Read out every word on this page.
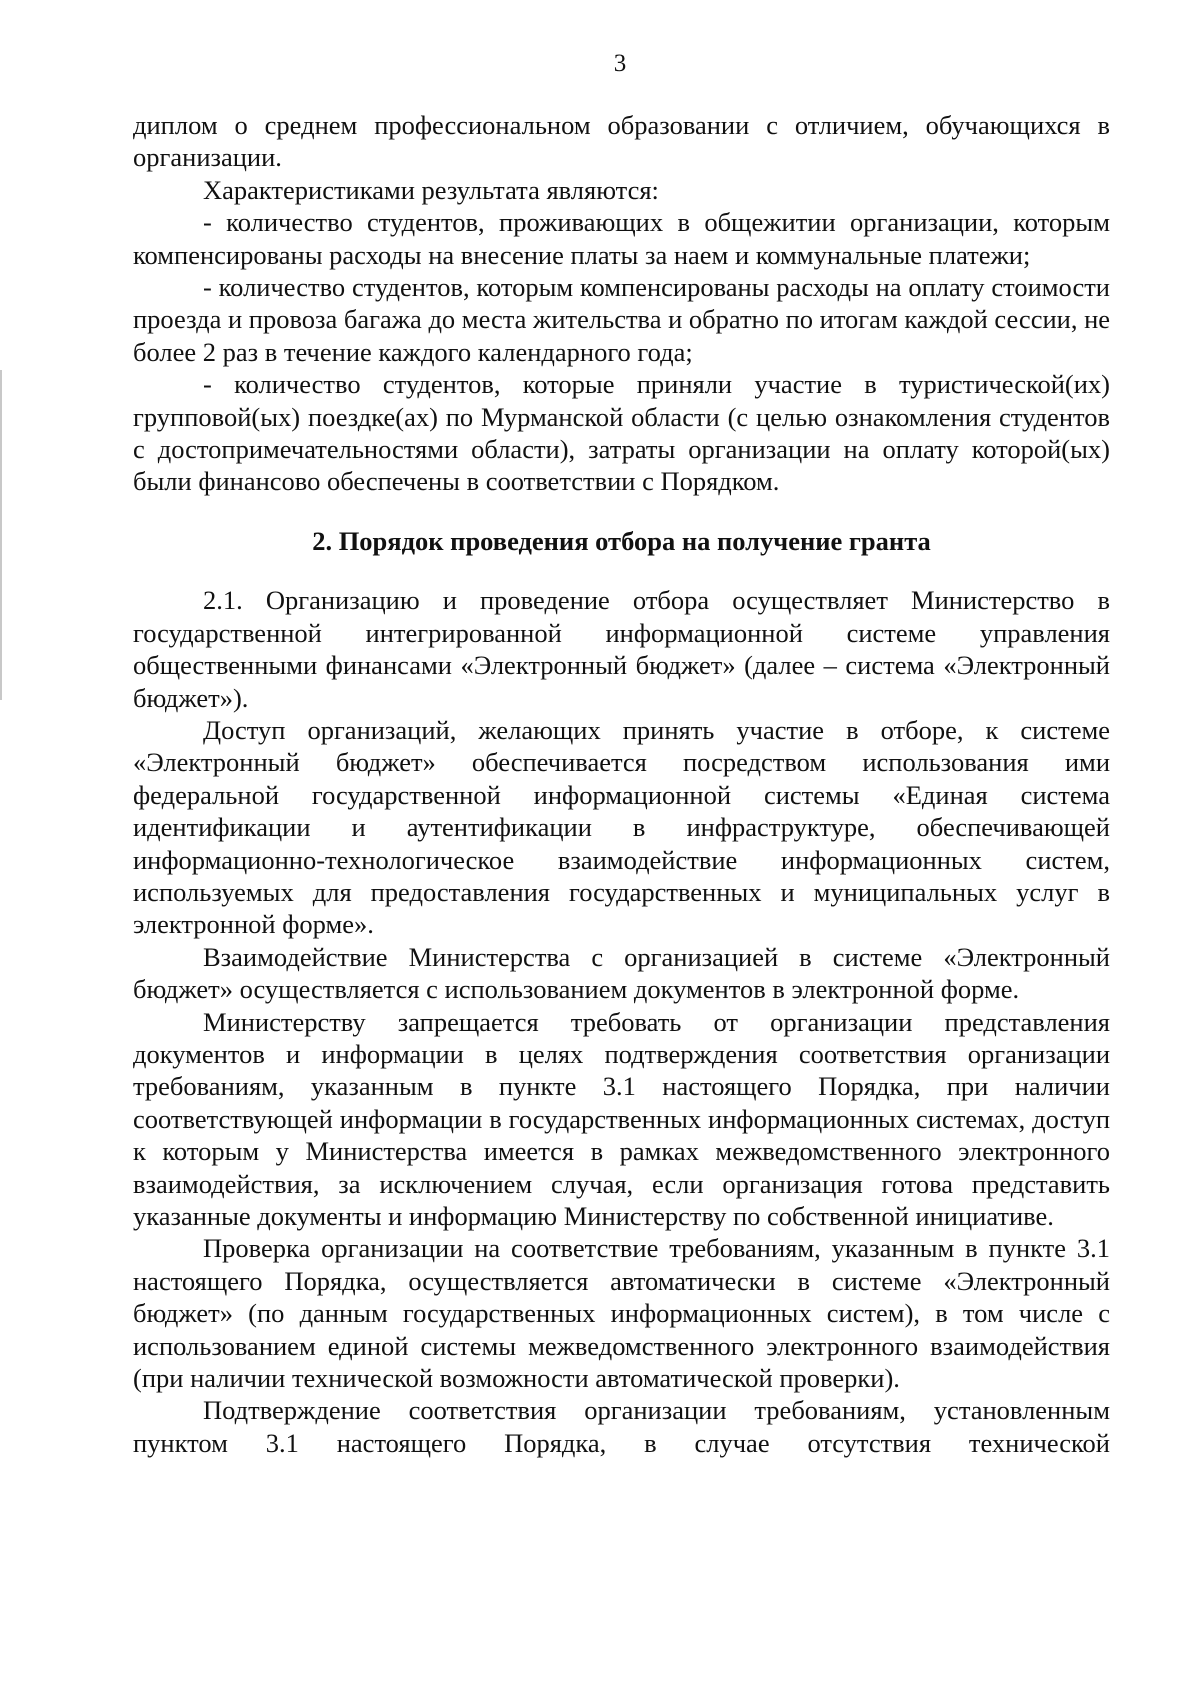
3

диплом о среднем профессиональном образовании с отличием, обучающихся в организации.

Характеристиками результата являются:

- количество студентов, проживающих в общежитии организации, которым компенсированы расходы на внесение платы за наем и коммунальные платежи;

- количество студентов, которым компенсированы расходы на оплату стоимости проезда и провоза багажа до места жительства и обратно по итогам каждой сессии, не более 2 раз в течение каждого календарного года;

- количество студентов, которые приняли участие в туристической(их) групповой(ых) поездке(ах) по Мурманской области (с целью ознакомления студентов с достопримечательностями области), затраты организации на оплату которой(ых) были финансово обеспечены в соответствии с Порядком.

2. Порядок проведения отбора на получение гранта

2.1. Организацию и проведение отбора осуществляет Министерство в государственной интегрированной информационной системе управления общественными финансами «Электронный бюджет» (далее – система «Электронный бюджет»).

Доступ организаций, желающих принять участие в отборе, к системе «Электронный бюджет» обеспечивается посредством использования ими федеральной государственной информационной системы «Единая система идентификации и аутентификации в инфраструктуре, обеспечивающей информационно-технологическое взаимодействие информационных систем, используемых для предоставления государственных и муниципальных услуг в электронной форме».

Взаимодействие Министерства с организацией в системе «Электронный бюджет» осуществляется с использованием документов в электронной форме.

Министерству запрещается требовать от организации представления документов и информации в целях подтверждения соответствия организации требованиям, указанным в пункте 3.1 настоящего Порядка, при наличии соответствующей информации в государственных информационных системах, доступ к которым у Министерства имеется в рамках межведомственного электронного взаимодействия, за исключением случая, если организация готова представить указанные документы и информацию Министерству по собственной инициативе.

Проверка организации на соответствие требованиям, указанным в пункте 3.1 настоящего Порядка, осуществляется автоматически в системе «Электронный бюджет» (по данным государственных информационных систем), в том числе с использованием единой системы межведомственного электронного взаимодействия (при наличии технической возможности автоматической проверки).

Подтверждение соответствия организации требованиям, установленным пунктом 3.1 настоящего Порядка, в случае отсутствия технической
